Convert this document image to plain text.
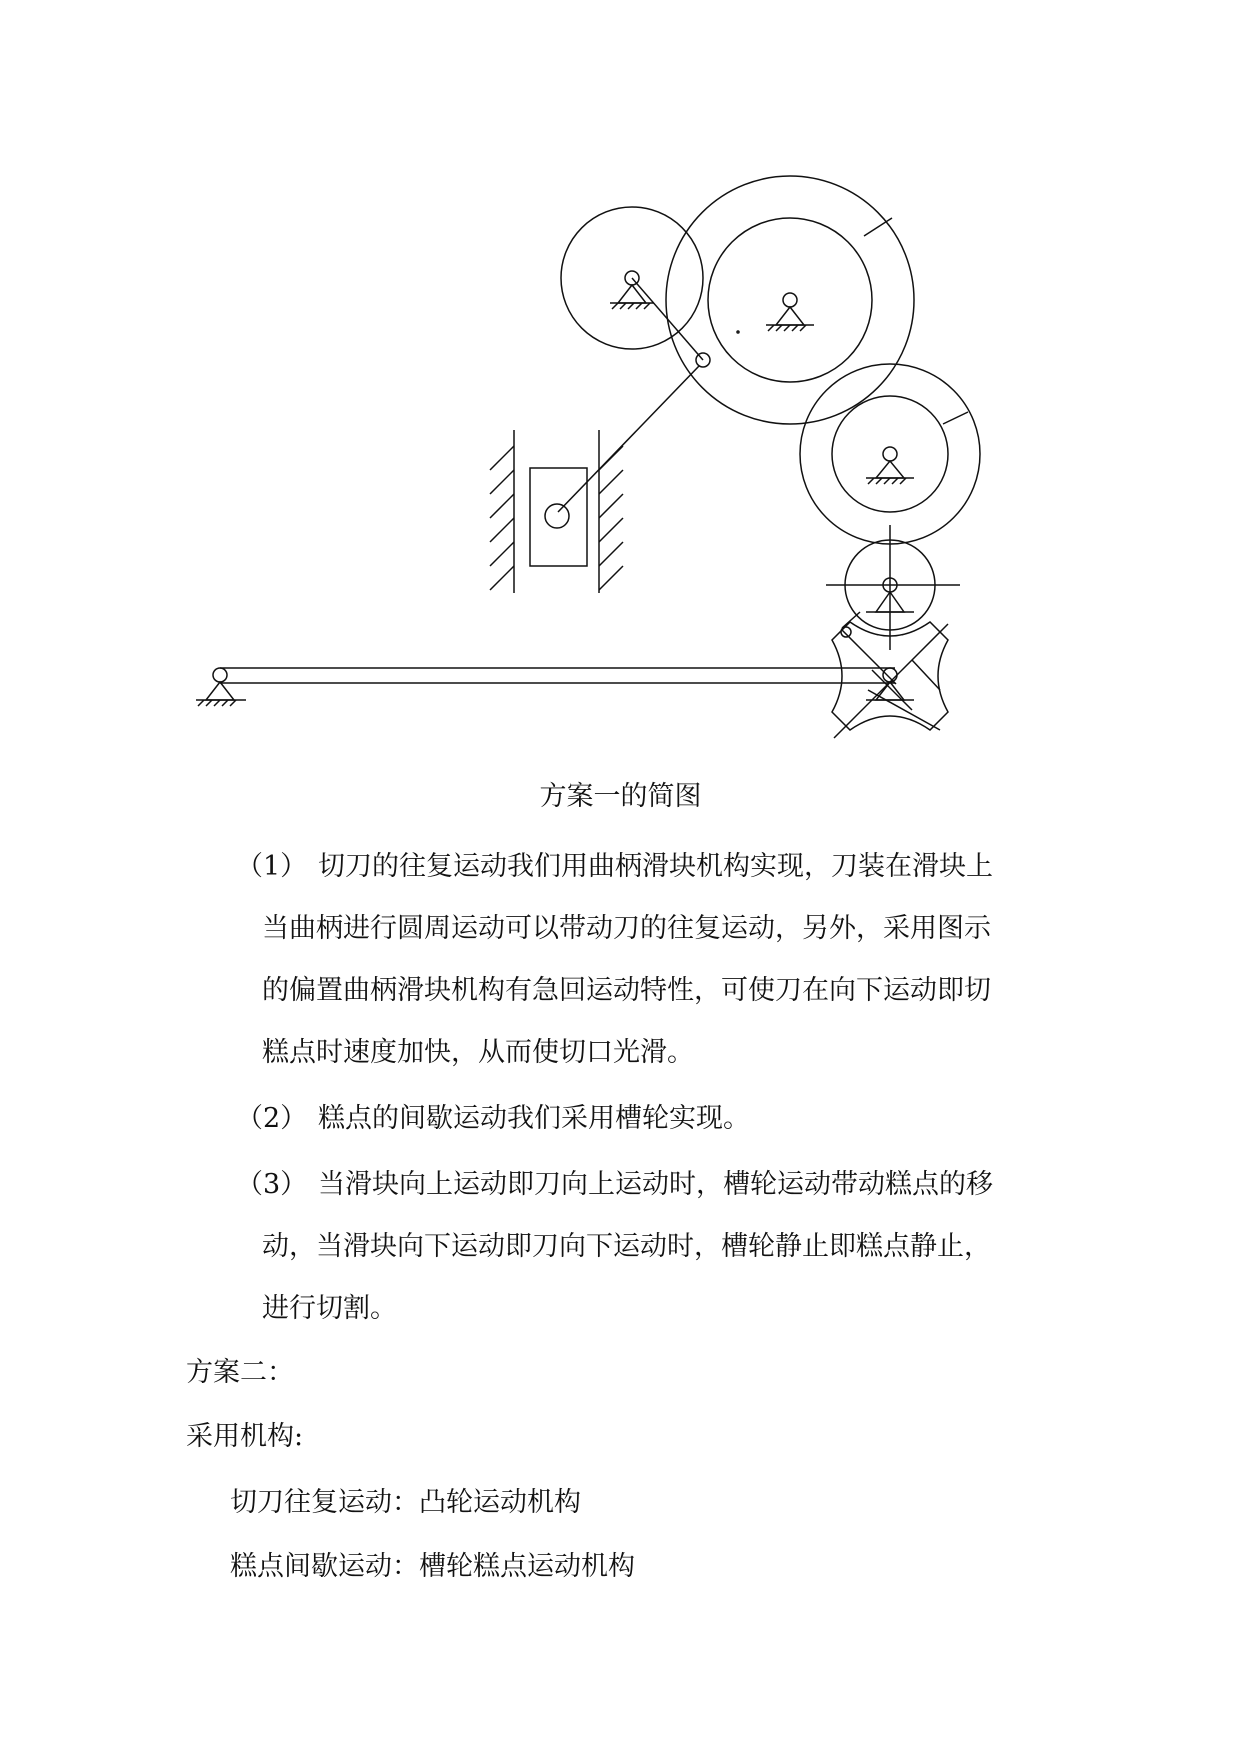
方案一的简图
（1） 切刀的往复运动我们用曲柄滑块机构实现，刀装在滑块上
当曲柄进行圆周运动可以带动刀的往复运动，另外，采用图示
的偏置曲柄滑块机构有急回运动特性，可使刀在向下运动即切
糕点时速度加快，从而使切口光滑。
（2） 糕点的间歇运动我们采用槽轮实现。
（3） 当滑块向上运动即刀向上运动时，槽轮运动带动糕点的移
动，当滑块向下运动即刀向下运动时，槽轮静止即糕点静止，
进行切割。
方案二：
采用机构:
切刀往复运动：凸轮运动机构
糕点间歇运动：槽轮糕点运动机构
